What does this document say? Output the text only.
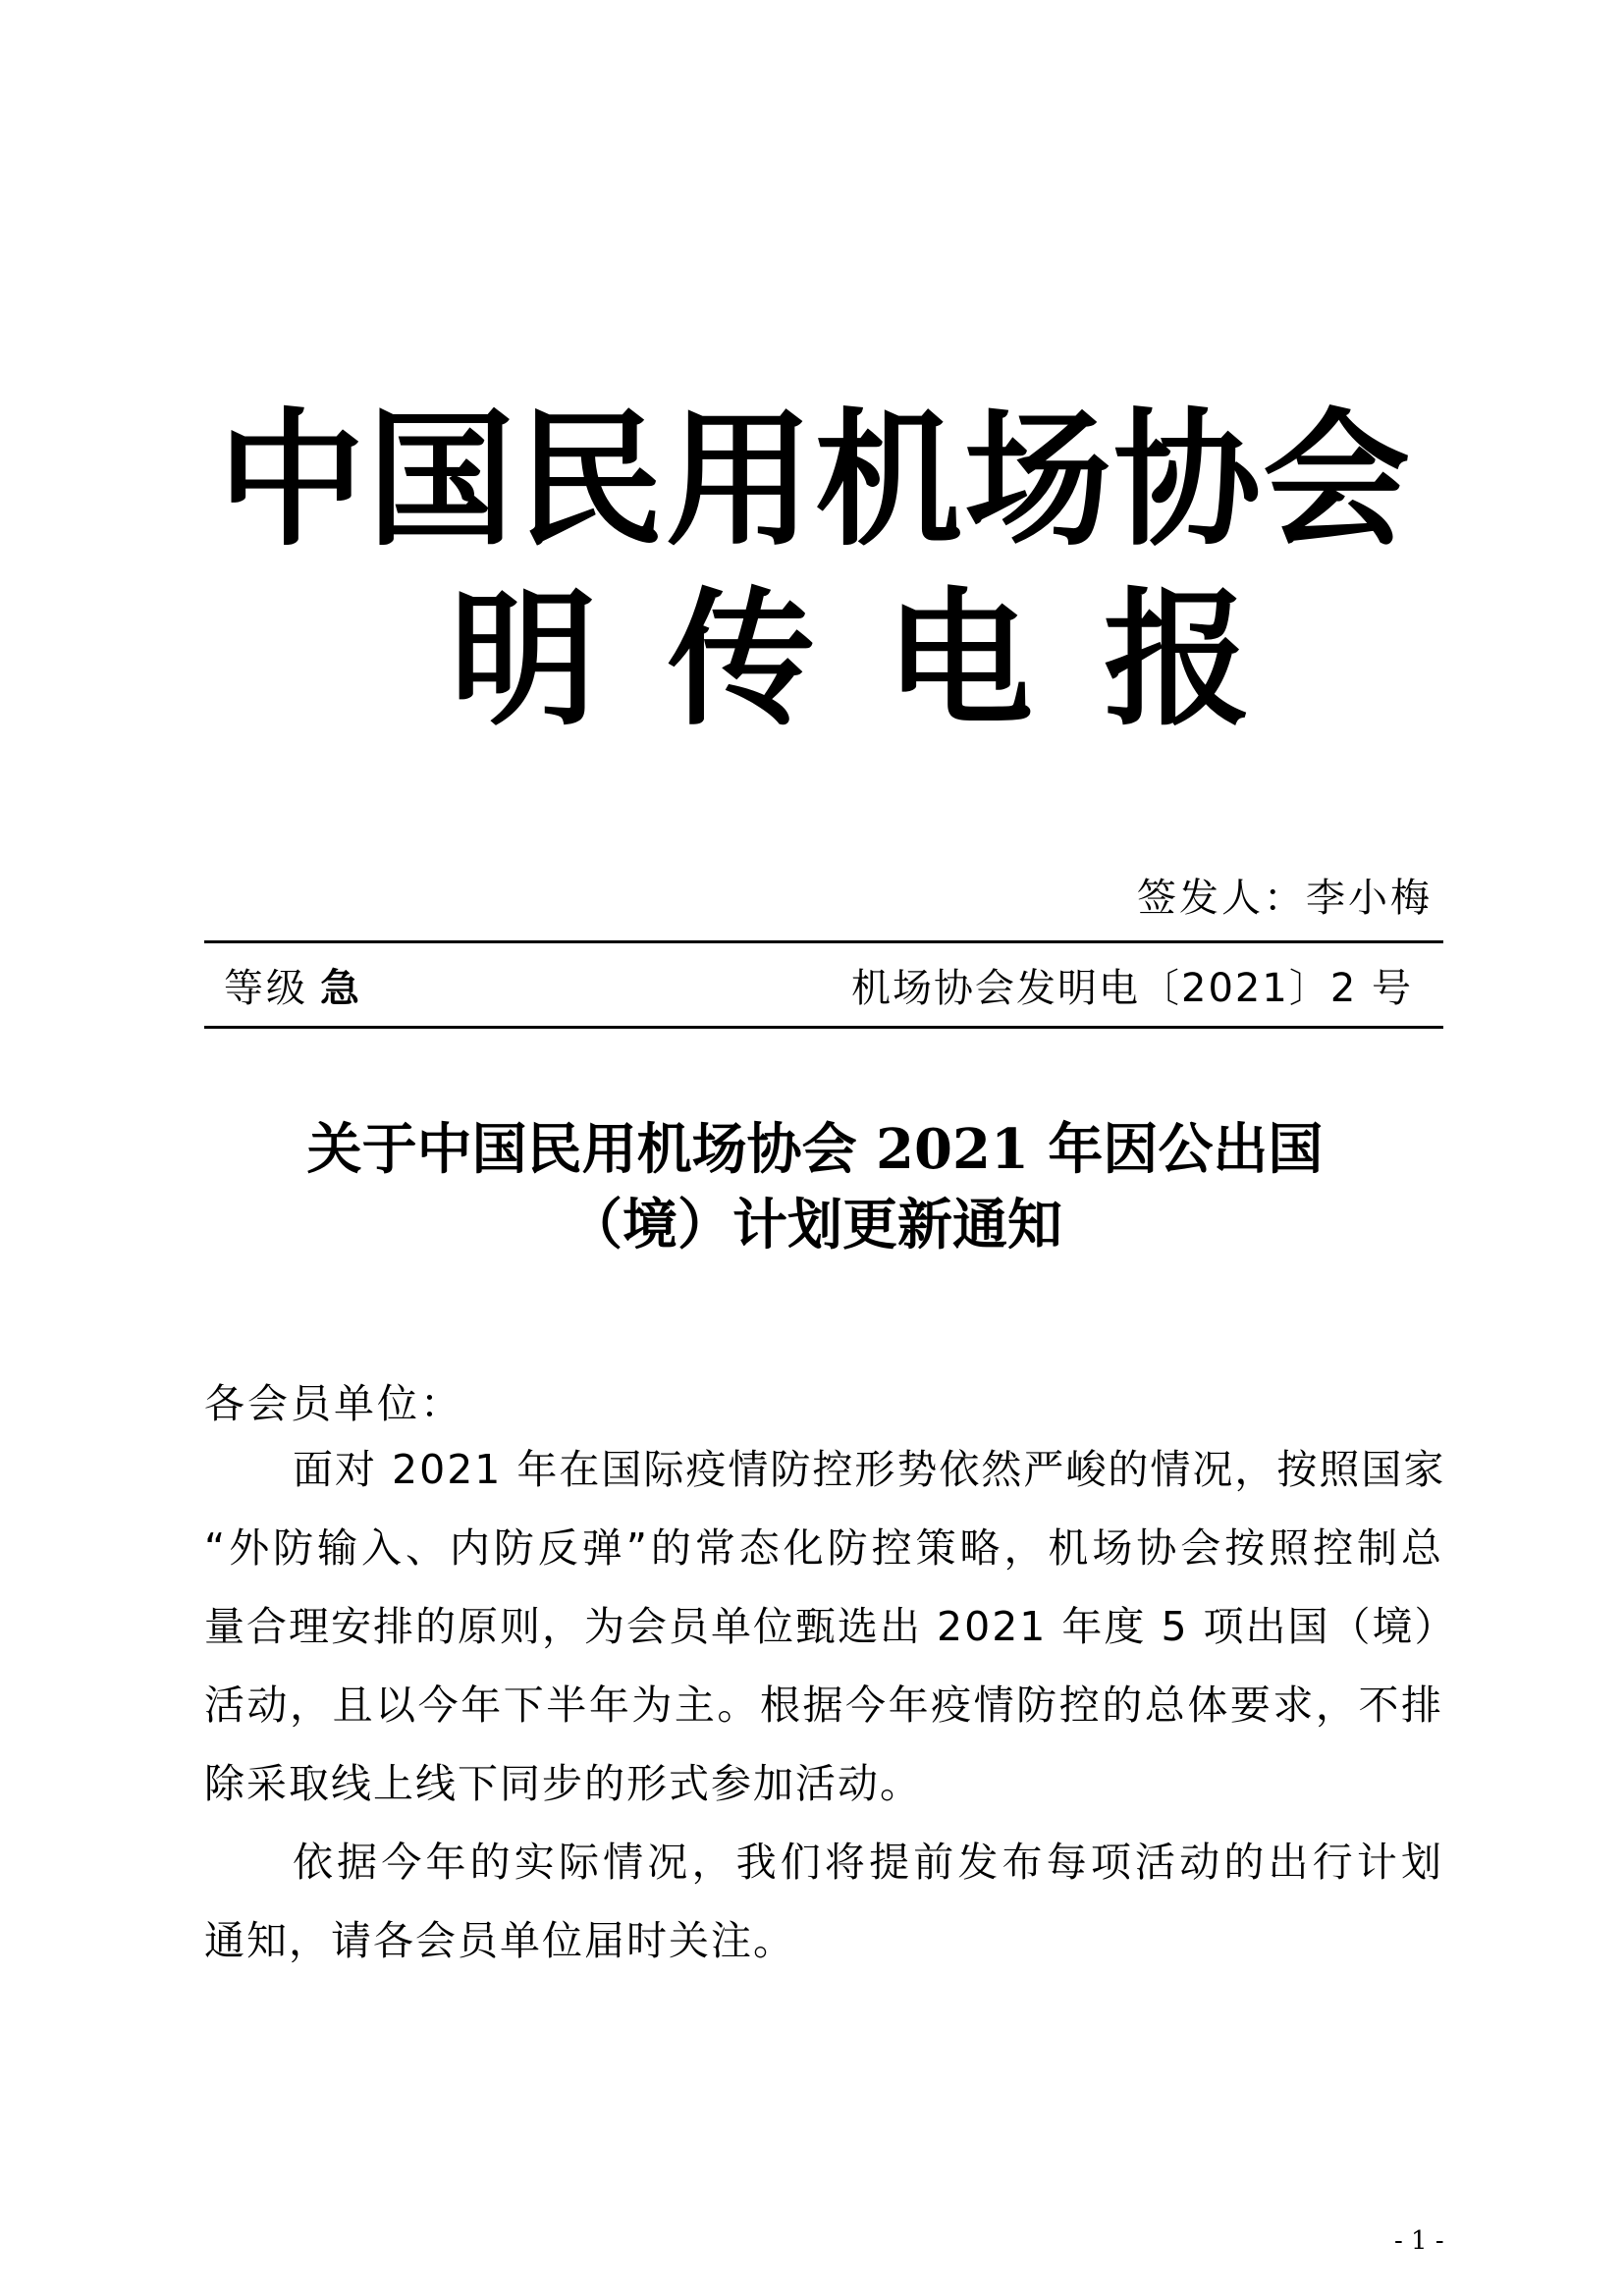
中国民用机场协会
明传电报
签发人：李小梅
等级 急	机场协会发明电〔2021〕2 号
关于中国民用机场协会 2021 年因公出国
（境）计划更新通知
各会员单位：
面对 2021 年在国际疫情防控形势依然严峻的情况，按照国家
“外防输入、内防反弹”的常态化防控策略，机场协会按照控制总
量合理安排的原则，为会员单位甄选出 2021 年度 5 项出国（境）
活动，且以今年下半年为主。根据今年疫情防控的总体要求，不排
除采取线上线下同步的形式参加活动。
依据今年的实际情况，我们将提前发布每项活动的出行计划
通知，请各会员单位届时关注。
- 1 -
